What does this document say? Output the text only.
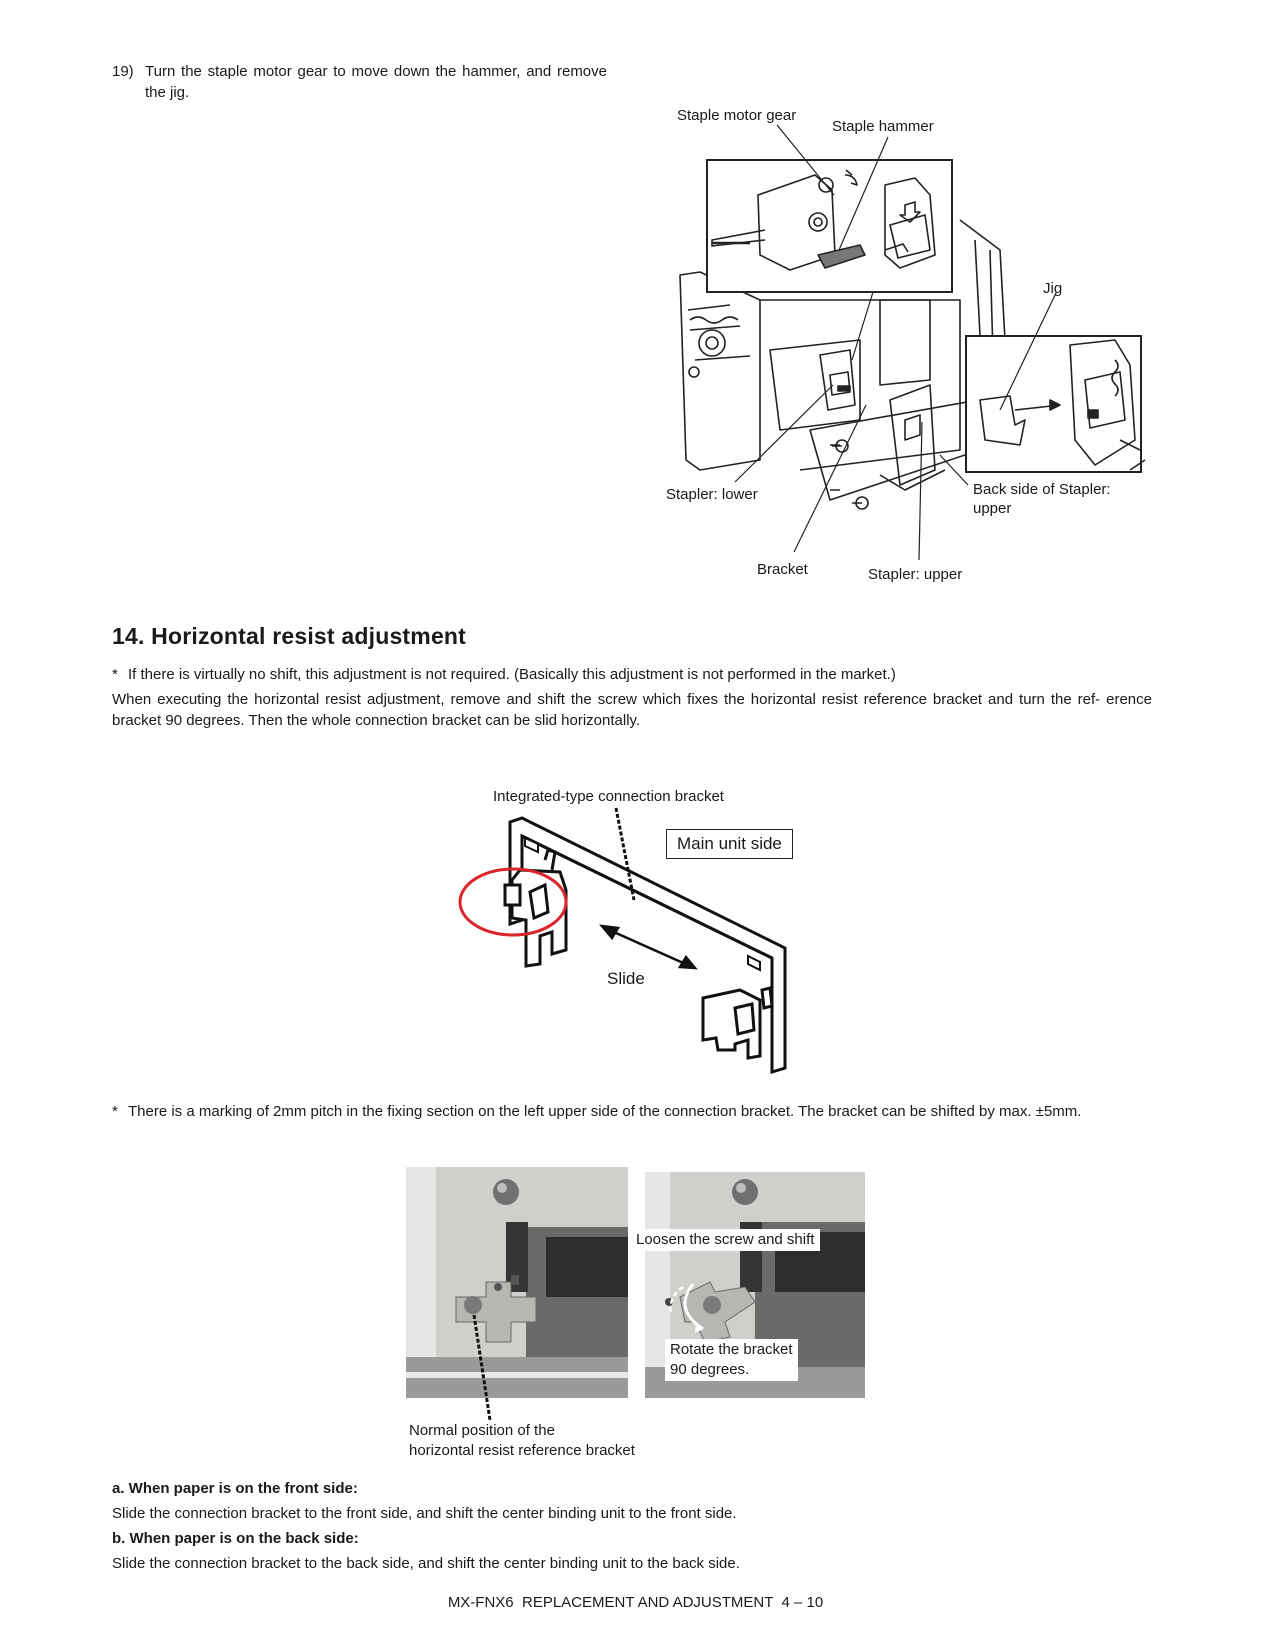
19) Turn the staple motor gear to move down the hammer, and remove the jig.
Staple motor gear
Staple hammer
Jig
Stapler: lower	Back side of Stapler:
upper
Bracket	Stapler: upper
14. Horizontal resist adjustment
* If there is virtually no shift, this adjustment is not required. (Basically this adjustment is not performed in the market.)
When executing the horizontal resist adjustment, remove and shift the screw which fixes the horizontal resist reference bracket and turn the ref- erence bracket 90 degrees. Then the whole connection bracket can be slid horizontally.
Integrated-type connection bracket
Main unit side
Slide
* There is a marking of 2mm pitch in the fixing section on the left upper side of the connection bracket. The bracket can be shifted by max. ±5mm.
Loosen the screw and shift
Rotate the bracket
90 degrees.
Normal position of the
horizontal resist reference bracket
a. When paper is on the front side:
Slide the connection bracket to the front side, and shift the center binding unit to the front side.
b. When paper is on the back side:
Slide the connection bracket to the back side, and shift the center binding unit to the back side.
MX-FNX6  REPLACEMENT AND ADJUSTMENT  4 – 10
